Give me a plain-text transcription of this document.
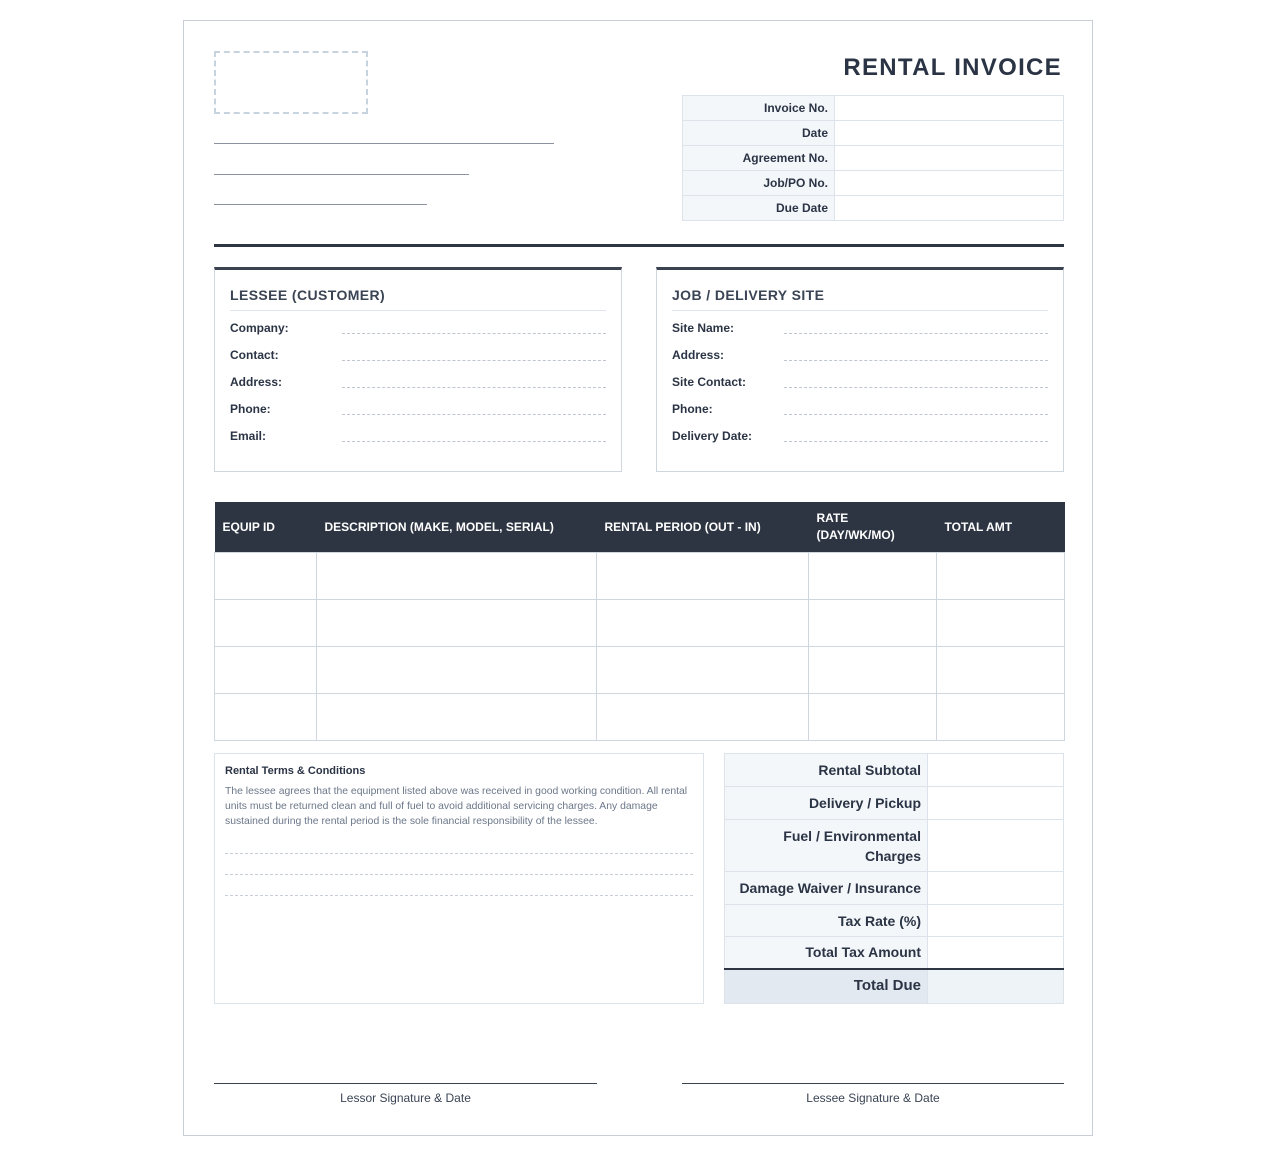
RENTAL INVOICE
Invoice No.	
Date	
Agreement No.	
Job/PO No.	
Due Date	
LESSEE (CUSTOMER)
Company:
Contact:
Address:
Phone:
Email:
JOB / DELIVERY SITE
Site Name:
Address:
Site Contact:
Phone:
Delivery Date:
EQUIP ID	DESCRIPTION (MAKE, MODEL, SERIAL)	RENTAL PERIOD (OUT - IN)	RATE (DAY/WK/MO)	TOTAL AMT

Rental Terms & Conditions
The lessee agrees that the equipment listed above was received in good working condition. All rental units must be returned clean and full of fuel to avoid additional servicing charges. Any damage sustained during the rental period is the sole financial responsibility of the lessee.
Rental Subtotal	
Delivery / Pickup	
Fuel / Environmental Charges	
Damage Waiver / Insurance	
Tax Rate (%)	
Total Tax Amount	
Total Due	
Lessor Signature & Date	Lessee Signature & Date
